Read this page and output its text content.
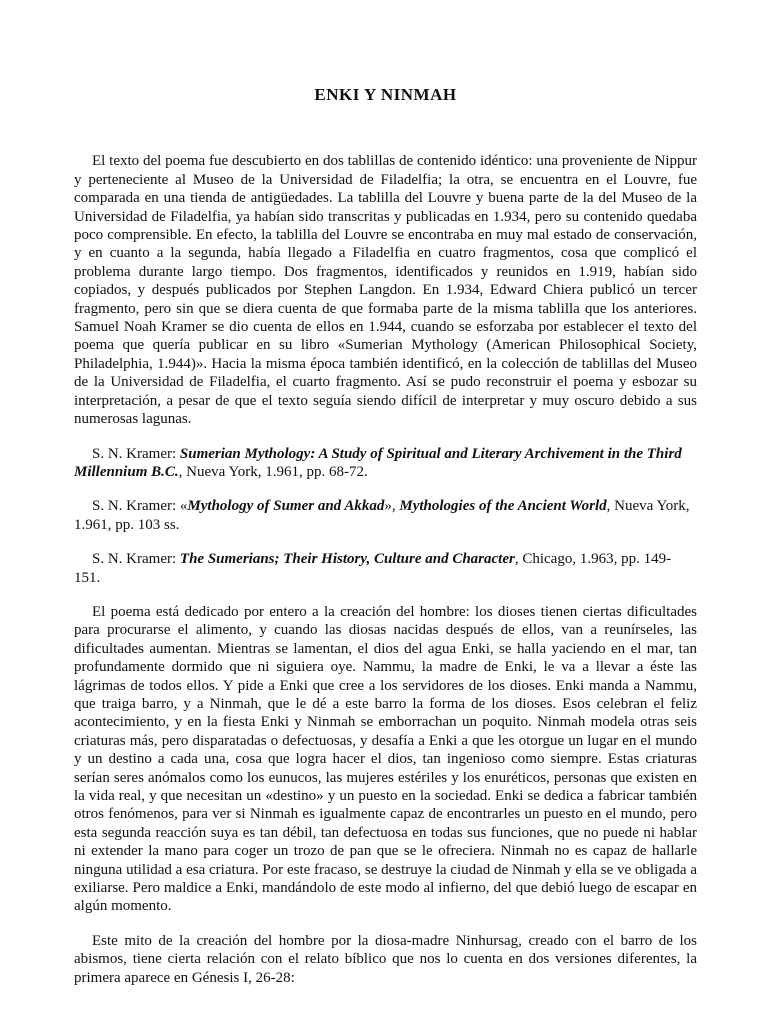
ENKI Y NINMAH

El texto del poema fue descubierto en dos tablillas de contenido idéntico: una proveniente de Nippur y perteneciente al Museo de la Universidad de Filadelfia; la otra, se encuentra en el Louvre, fue comparada en una tienda de antigüedades. La tablilla del Louvre y buena parte de la del Museo de la Universidad de Filadelfia, ya habían sido transcritas y publicadas en 1.934, pero su contenido quedaba poco comprensible. En efecto, la tablilla del Louvre se encontraba en muy mal estado de conservación, y en cuanto a la segunda, había llegado a Filadelfia en cuatro fragmentos, cosa que complicó el problema durante largo tiempo. Dos fragmentos, identificados y reunidos en 1.919, habían sido copiados, y después publicados por Stephen Langdon. En 1.934, Edward Chiera publicó un tercer fragmento, pero sin que se diera cuenta de que formaba parte de la misma tablilla que los anteriores. Samuel Noah Kramer se dio cuenta de ellos en 1.944, cuando se esforzaba por establecer el texto del poema que quería publicar en su libro «Sumerian Mythology (American Philosophical Society, Philadelphia, 1.944)». Hacia la misma época también identificó, en la colección de tablillas del Museo de la Universidad de Filadelfia, el cuarto fragmento. Así se pudo reconstruir el poema y esbozar su interpretación, a pesar de que el texto seguía siendo difícil de interpretar y muy oscuro debido a sus numerosas lagunas.

S. N. Kramer: Sumerian Mythology: A Study of Spiritual and Literary Archivement in the Third Millennium B.C., Nueva York, 1.961, pp. 68-72.

S. N. Kramer: «Mythology of Sumer and Akkad», Mythologies of the Ancient World, Nueva York, 1.961, pp. 103 ss.

S. N. Kramer: The Sumerians; Their History, Culture and Character, Chicago, 1.963, pp. 149-151.

El poema está dedicado por entero a la creación del hombre: los dioses tienen ciertas dificultades para procurarse el alimento, y cuando las diosas nacidas después de ellos, van a reunírseles, las dificultades aumentan. Mientras se lamentan, el dios del agua Enki, se halla yaciendo en el mar, tan profundamente dormido que ni siguiera oye. Nammu, la madre de Enki, le va a llevar a éste las lágrimas de todos ellos. Y pide a Enki que cree a los servidores de los dioses. Enki manda a Nammu, que traiga barro, y a Ninmah, que le dé a este barro la forma de los dioses. Esos celebran el feliz acontecimiento, y en la fiesta Enki y Ninmah se emborrachan un poquito. Ninmah modela otras seis criaturas más, pero disparatadas o defectuosas, y desafía a Enki a que les otorgue un lugar en el mundo y un destino a cada una, cosa que logra hacer el dios, tan ingenioso como siempre. Estas criaturas serían seres anómalos como los eunucos, las mujeres estériles y los enuréticos, personas que existen en la vida real, y que necesitan un «destino» y un puesto en la sociedad. Enki se dedica a fabricar también otros fenómenos, para ver si Ninmah es igualmente capaz de encontrarles un puesto en el mundo, pero esta segunda reacción suya es tan débil, tan defectuosa en todas sus funciones, que no puede ni hablar ni extender la mano para coger un trozo de pan que se le ofreciera. Ninmah no es capaz de hallarle ninguna utilidad a esa criatura. Por este fracaso, se destruye la ciudad de Ninmah y ella se ve obligada a exiliarse. Pero maldice a Enki, mandándolo de este modo al infierno, del que debió luego de escapar en algún momento.

Este mito de la creación del hombre por la diosa-madre Ninhursag, creado con el barro de los abismos, tiene cierta relación con el relato bíblico que nos lo cuenta en dos versiones diferentes, la primera aparece en Génesis I, 26-28:
